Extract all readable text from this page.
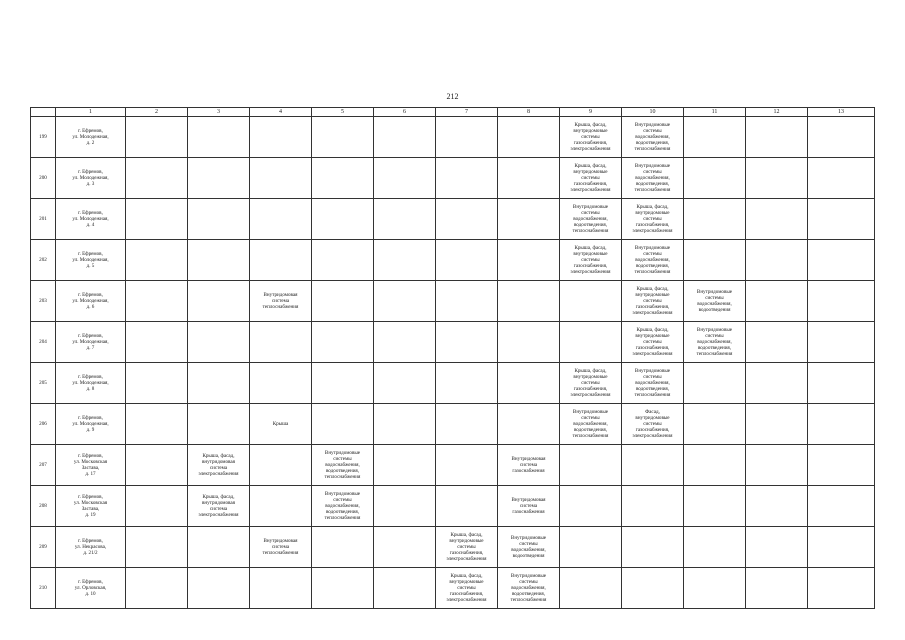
212
	1	2	3	4	5	6	7	8	9	10	11	12	13
199	г. Ефремов,
ул. Молодежная,
д. 2								Крыша, фасад,
внутридомовые
системы
газоснабжения,
электроснабжения	Внутридомовые
системы
водоснабжения,
водоотведения,
теплоснабжения			

200	г. Ефремов,
ул. Молодежная,
д. 3								Крыша, фасад,
внутридомовые
системы
газоснабжения,
электроснабжения	Внутридомовые
системы
водоснабжения,
водоотведения,
теплоснабжения			

201	г. Ефремов,
ул. Молодежная,
д. 4								Внутридомовые
системы
водоснабжения,
водоотведения,
теплоснабжения	Крыша, фасад,
внутридомовые
системы
газоснабжения,
электроснабжения			

202	г. Ефремов,
ул. Молодежная,
д. 5								Крыша, фасад,
внутридомовые
системы
газоснабжения,
электроснабжения	Внутридомовые
системы
водоснабжения,
водоотведения,
теплоснабжения			

203	г. Ефремов,
ул. Молодежная,
д. 6			Внутридомовая
система
теплоснабжения						Крыша, фасад,
внутридомовые
системы
газоснабжения,
электроснабжения	Внутридомовые
системы
водоснабжения,
водоотведения		

204	г. Ефремов,
ул. Молодежная,
д. 7									Крыша, фасад,
внутридомовые
системы
газоснабжения,
электроснабжения	Внутридомовые
системы
водоснабжения,
водоотведения,
теплоснабжения		

205	г. Ефремов,
ул. Молодежная,
д. 8								Крыша, фасад,
внутридомовые
системы
газоснабжения,
электроснабжения	Внутридомовые
системы
водоснабжения,
водоотведения,
теплоснабжения			

206	г. Ефремов,
ул. Молодежная,
д. 9			Крыша					Внутридомовые
системы
водоснабжения,
водоотведения,
теплоснабжения	Фасад,
внутридомовые
системы
газоснабжения,
электроснабжения			

207	г. Ефремов,
ул. Московская
Застава,
д. 17		Крыша, фасад,
внутридомовая
система
электроснабжения		Внутридомовые
системы
водоснабжения,
водоотведения,
теплоснабжения			Внутридомовая
система
газоснабжения					

208	г. Ефремов,
ул. Московская
Застава,
д. 19		Крыша, фасад,
внутридомовая
система
электроснабжения		Внутридомовые
системы
водоснабжения,
водоотведения,
теплоснабжения			Внутридомовая
система
газоснабжения					

209	г. Ефремов,
ул. Некрасова,
д. 21/2			Внутридомовая
система
теплоснабжения			Крыша, фасад,
внутридомовые
системы
газоснабжения,
электроснабжения	Внутридомовые
системы
водоснабжения,
водоотведения					

210	г. Ефремов,
ул. Орловская,
д. 10						Крыша, фасад,
внутридомовые
системы
газоснабжения,
электроснабжения	Внутридомовые
системы
водоснабжения,
водоотведения,
теплоснабжения					
